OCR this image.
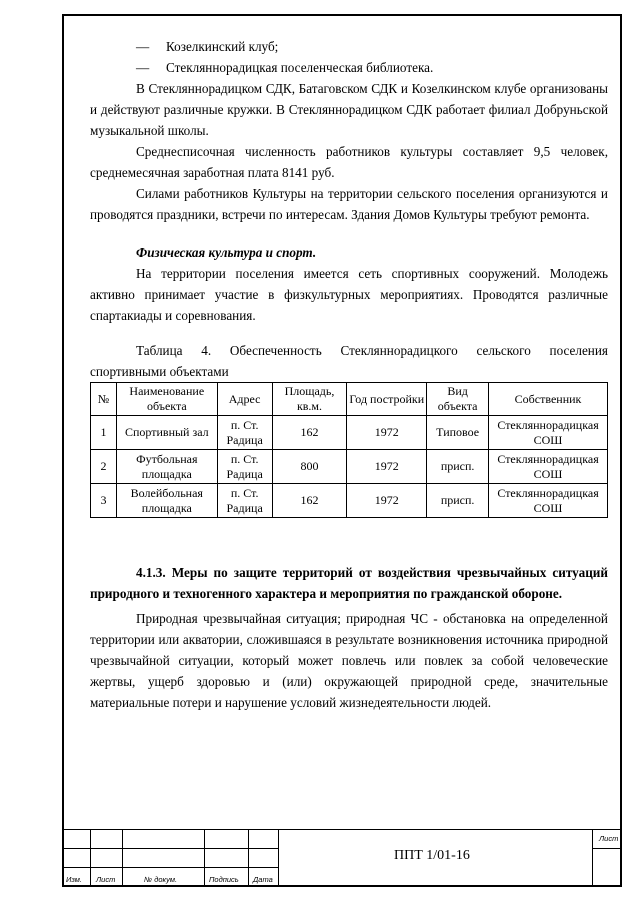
— Козелкинский клуб;

— Стекляннорадицкая поселенческая библиотека.

В Стекляннорадицком СДК, Батаговском СДК и Козелкинском клубе организованы и действуют различные кружки. В Стекляннорадицком СДК работает филиал Добруньской музыкальной школы.

Среднесписочная численность работников культуры составляет 9,5 человек, среднемесячная заработная плата 8141 руб.

Силами работников Культуры на территории сельского поселения организуются и проводятся праздники, встречи по интересам. Здания Домов Культуры требуют ремонта.

Физическая культура и спорт.

На территории поселения имеется сеть спортивных сооружений. Молодежь активно принимает участие в физкультурных мероприятиях. Проводятся различные спартакиады и соревнования.

Таблица 4. Обеспеченность Стекляннорадицкого сельского поселения спортивными объектами

№	Наименование объекта	Адрес	Площадь, кв.м.	Год постройки	Вид объекта	Собственник
1	Спортивный зал	п. Ст. Радица	162	1972	Типовое	Стекляннорадицкая СОШ
2	Футбольная площадка	п. Ст. Радица	800	1972	присп.	Стекляннорадицкая СОШ
3	Волейбольная площадка	п. Ст. Радица	162	1972	присп.	Стекляннорадицкая СОШ

4.1.3. Меры по защите территорий от воздействия чрезвычайных ситуаций природного и техногенного характера и мероприятия по гражданской обороне.

Природная чрезвычайная ситуация; природная ЧС - обстановка на определенной территории или акватории, сложившаяся в результате возникновения источника природной чрезвычайной ситуации, который может повлечь или повлек за собой человеческие жертвы, ущерб здоровью и (или) окружающей природной среде, значительные материальные потери и нарушение условий жизнедеятельности людей.

Изм. Лист	№ докум.	Подпись Дата
Лист
ППТ 1/01-16
